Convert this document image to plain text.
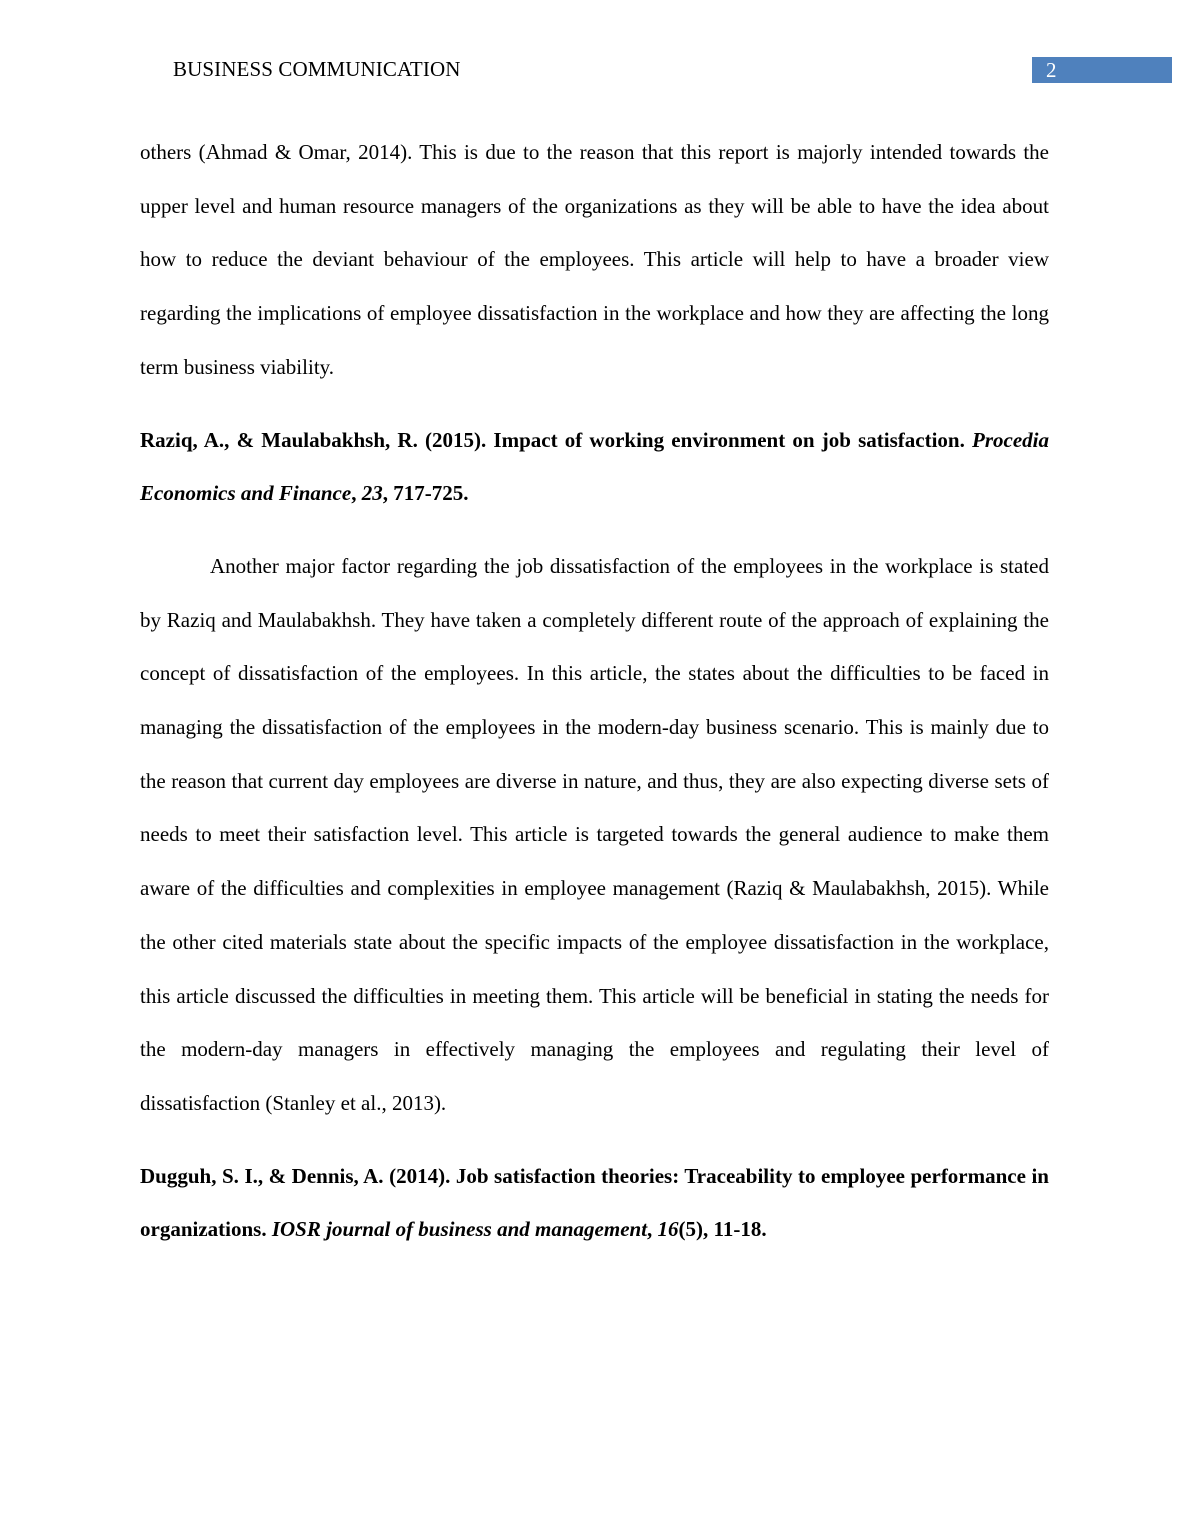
BUSINESS COMMUNICATION	2

others (Ahmad & Omar, 2014). This is due to the reason that this report is majorly intended towards the upper level and human resource managers of the organizations as they will be able to have the idea about how to reduce the deviant behaviour of the employees. This article will help to have a broader view regarding the implications of employee dissatisfaction in the workplace and how they are affecting the long term business viability.

Raziq, A., & Maulabakhsh, R. (2015). Impact of working environment on job satisfaction. Procedia Economics and Finance, 23, 717-725.

Another major factor regarding the job dissatisfaction of the employees in the workplace is stated by Raziq and Maulabakhsh. They have taken a completely different route of the approach of explaining the concept of dissatisfaction of the employees. In this article, the states about the difficulties to be faced in managing the dissatisfaction of the employees in the modern-day business scenario. This is mainly due to the reason that current day employees are diverse in nature, and thus, they are also expecting diverse sets of needs to meet their satisfaction level. This article is targeted towards the general audience to make them aware of the difficulties and complexities in employee management (Raziq & Maulabakhsh, 2015). While the other cited materials state about the specific impacts of the employee dissatisfaction in the workplace, this article discussed the difficulties in meeting them. This article will be beneficial in stating the needs for the modern-day managers in effectively managing the employees and regulating their level of dissatisfaction (Stanley et al., 2013).

Dugguh, S. I., & Dennis, A. (2014). Job satisfaction theories: Traceability to employee performance in organizations. IOSR journal of business and management, 16(5), 11-18.
